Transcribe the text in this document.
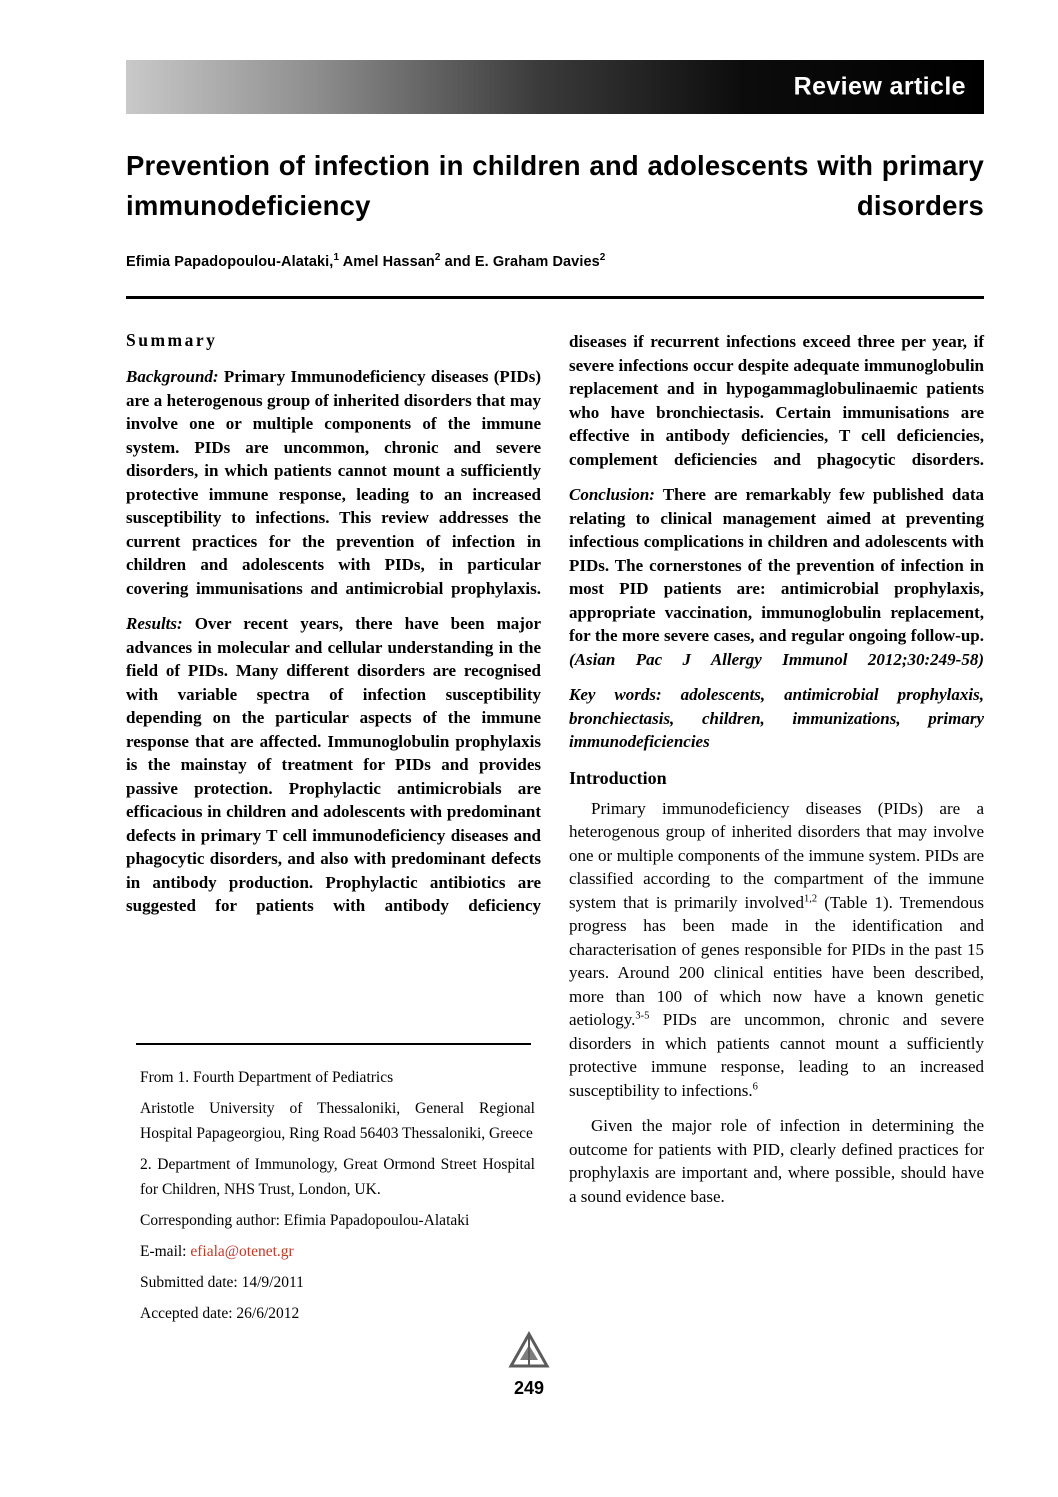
Review article
Prevention of infection in children and adolescents with primary immunodeficiency disorders
Efimia Papadopoulou-Alataki,$^1$ Amel Hassan$^2$ and E. Graham Davies$^2$
Summary

Background: Primary Immunodeficiency diseases (PIDs) are a heterogenous group of inherited disorders that may involve one or multiple components of the immune system. PIDs are uncommon, chronic and severe disorders, in which patients cannot mount a sufficiently protective immune response, leading to an increased susceptibility to infections. This review addresses the current practices for the prevention of infection in children and adolescents with PIDs, in particular covering immunisations and antimicrobial prophylaxis.

Results: Over recent years, there have been major advances in molecular and cellular understanding in the field of PIDs. Many different disorders are recognised with variable spectra of infection susceptibility depending on the particular aspects of the immune response that are affected. Immunoglobulin prophylaxis is the mainstay of treatment for PIDs and provides passive protection. Prophylactic antimicrobials are efficacious in children and adolescents with predominant defects in primary T cell immunodeficiency diseases and phagocytic disorders, and also with predominant defects in antibody production. Prophylactic antibiotics are suggested for patients with antibody deficiency

From 1. Fourth Department of Pediatrics

Aristotle University of Thessaloniki, General Regional Hospital Papageorgiou, Ring Road 56403 Thessaloniki, Greece

2. Department of Immunology, Great Ormond Street Hospital for Children, NHS Trust, London, UK.

Corresponding author: Efimia Papadopoulou-Alataki

E-mail: efiala@otenet.gr

Submitted date: 14/9/2011

Accepted date: 26/6/2012

diseases if recurrent infections exceed three per year, if severe infections occur despite adequate immunoglobulin replacement and in hypogammaglobulinaemic patients who have bronchiectasis. Certain immunisations are effective in antibody deficiencies, T cell deficiencies, complement deficiencies and phagocytic disorders.

Conclusion: There are remarkably few published data relating to clinical management aimed at preventing infectious complications in children and adolescents with PIDs. The cornerstones of the prevention of infection in most PID patients are: antimicrobial prophylaxis, appropriate vaccination, immunoglobulin replacement, for the more severe cases, and regular ongoing follow-up. (Asian Pac J Allergy Immunol 2012;30:249-58)

Key words: adolescents, antimicrobial prophylaxis, bronchiectasis, children, immunizations, primary immunodeficiencies

Introduction

Primary immunodeficiency diseases (PIDs) are a heterogenous group of inherited disorders that may involve one or multiple components of the immune system. PIDs are classified according to the compartment of the immune system that is primarily involved$^{1,2}$ (Table 1). Tremendous progress has been made in the identification and characterisation of genes responsible for PIDs in the past 15 years. Around 200 clinical entities have been described, more than 100 of which now have a known genetic aetiology.$^{3-5}$ PIDs are uncommon, chronic and severe disorders in which patients cannot mount a sufficiently protective immune response, leading to an increased susceptibility to infections.$^6$

Given the major role of infection in determining the outcome for patients with PID, clearly defined practices for prophylaxis are important and, where possible, should have a sound evidence base.

249
